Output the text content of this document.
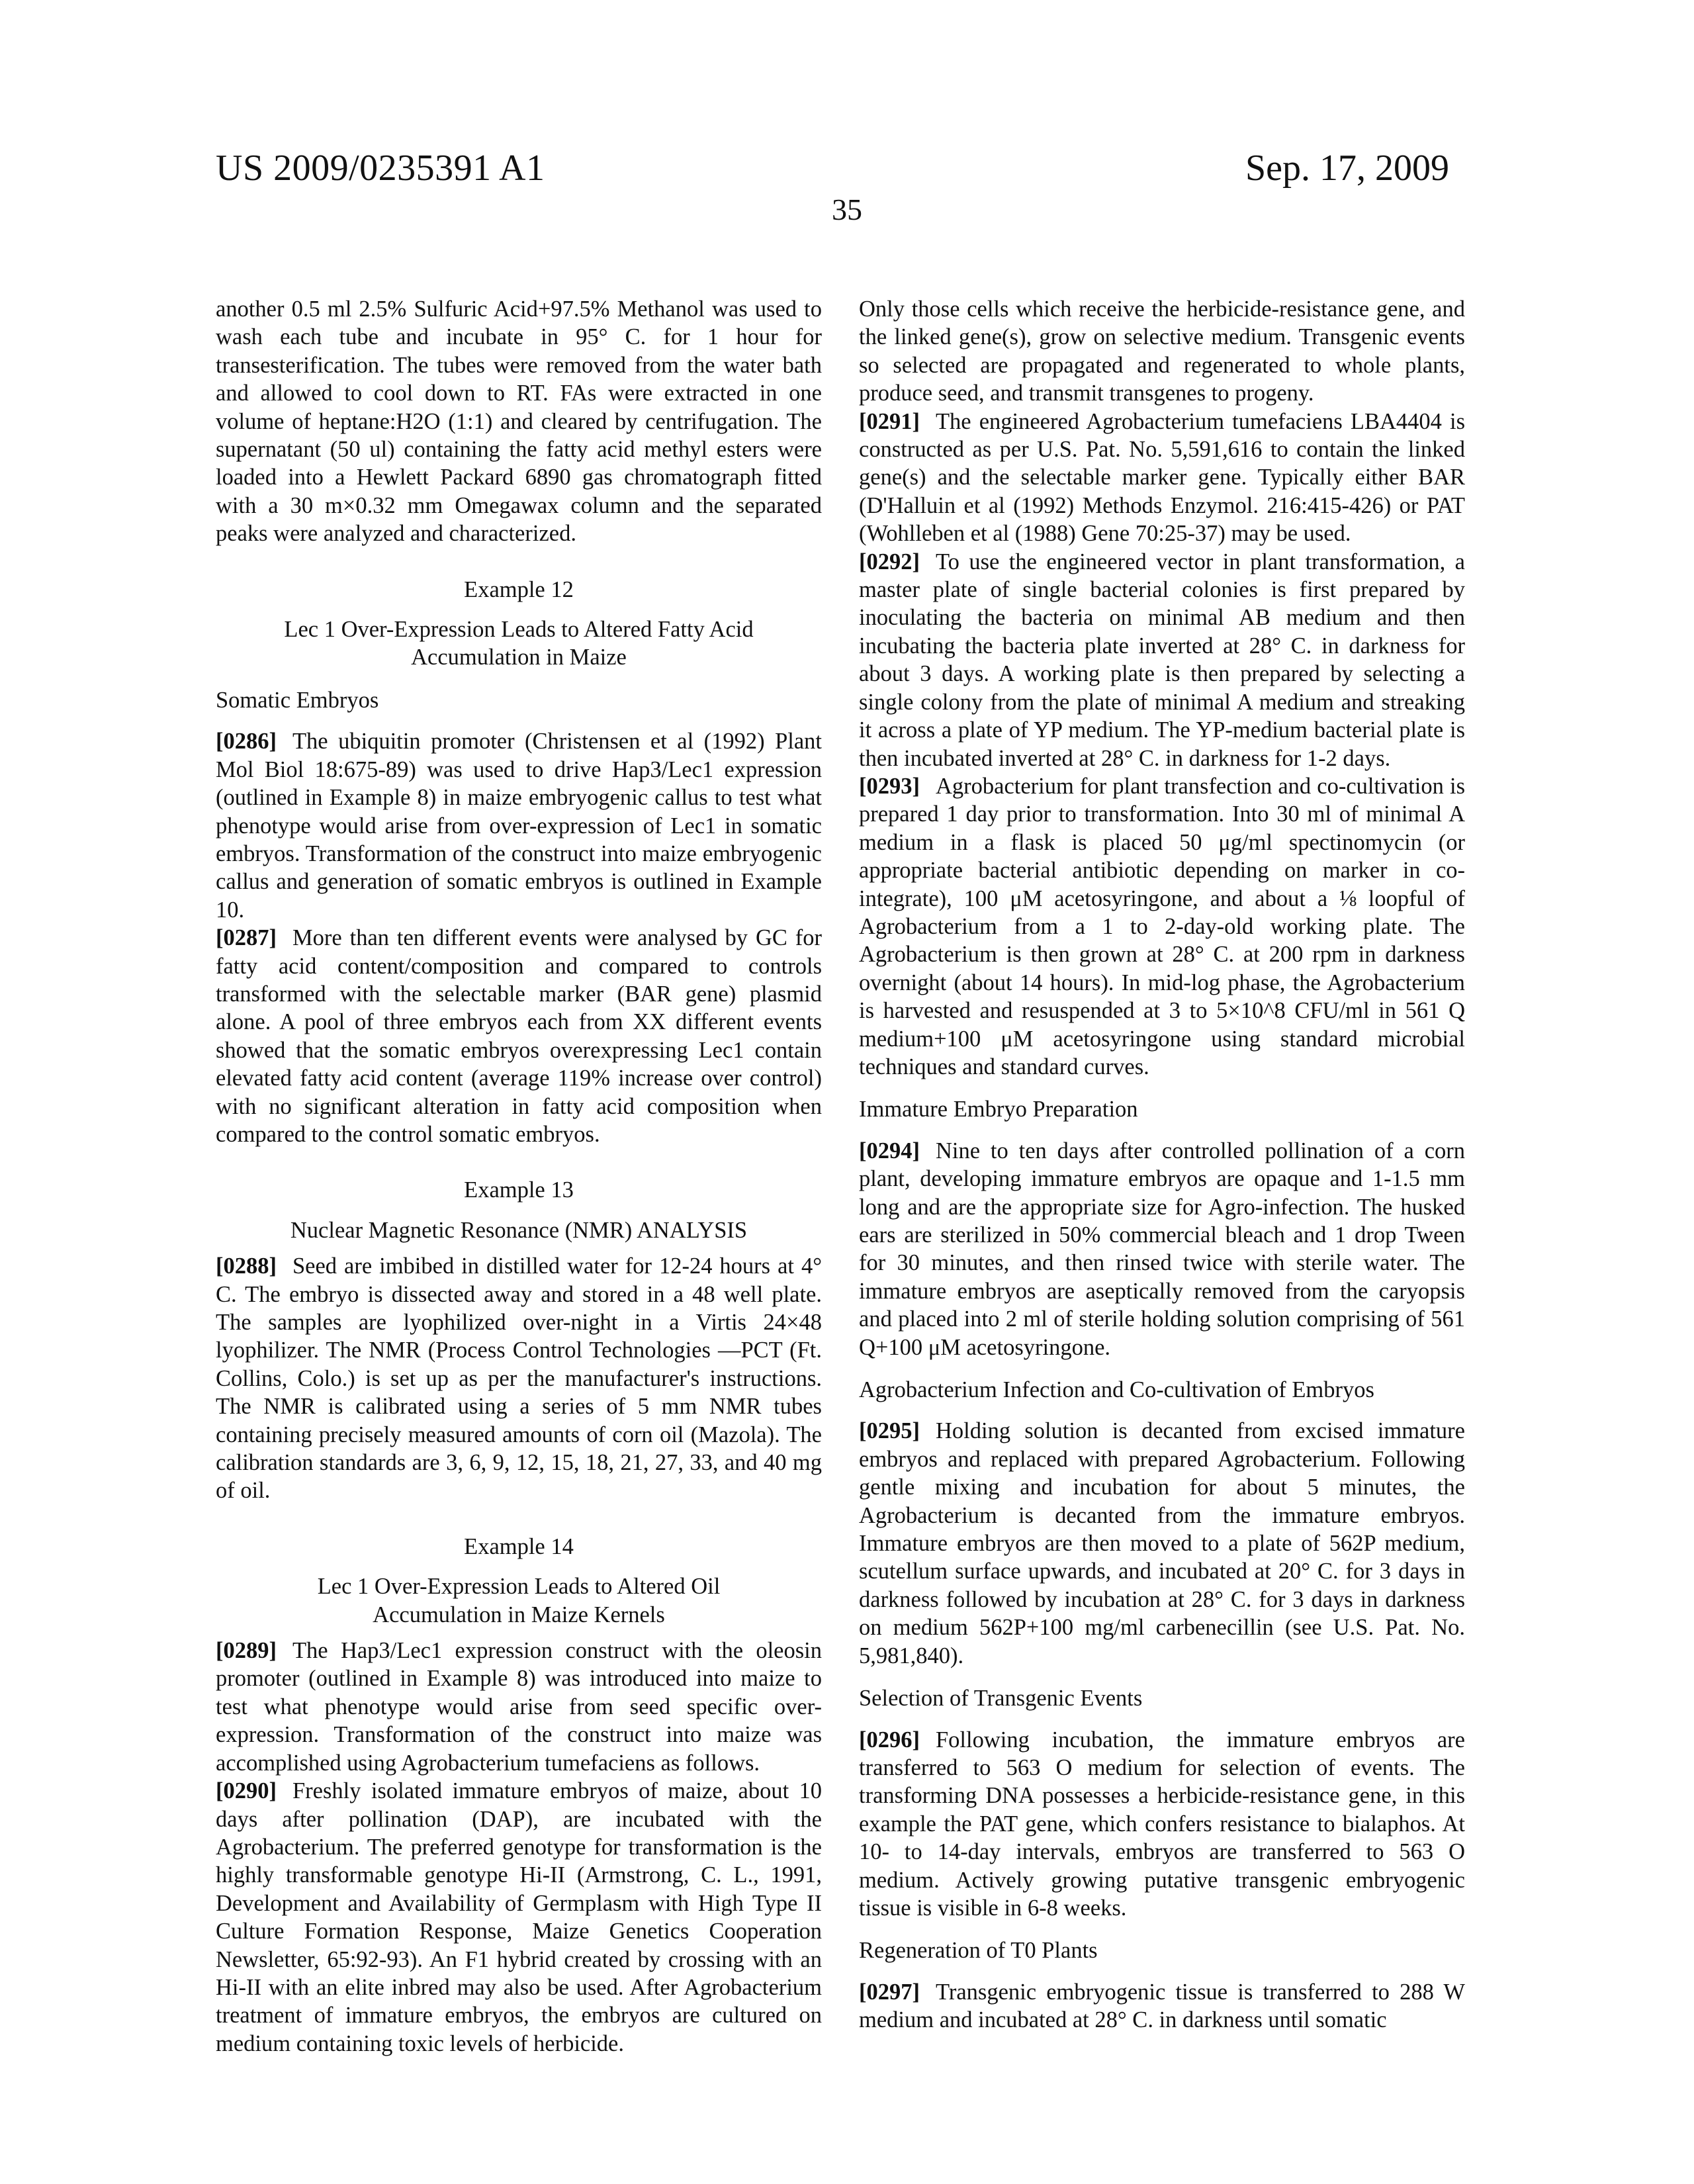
US 2009/0235391 A1	Sep. 17, 2009
35

another 0.5 ml 2.5% Sulfuric Acid+97.5% Methanol was used to wash each tube and incubate in 95° C. for 1 hour for transesterification. The tubes were removed from the water bath and allowed to cool down to RT. FAs were extracted in one volume of heptane:H2O (1:1) and cleared by centrifugation. The supernatant (50 ul) containing the fatty acid methyl esters were loaded into a Hewlett Packard 6890 gas chromatograph fitted with a 30 m×0.32 mm Omegawax column and the separated peaks were analyzed and characterized.

Example 12
Lec 1 Over-Expression Leads to Altered Fatty Acid Accumulation in Maize
Somatic Embryos

[0286] The ubiquitin promoter (Christensen et al (1992) Plant Mol Biol 18:675-89) was used to drive Hap3/Lec1 expression (outlined in Example 8) in maize embryogenic callus to test what phenotype would arise from over-expression of Lec1 in somatic embryos. Transformation of the construct into maize embryogenic callus and generation of somatic embryos is outlined in Example 10.

[0287] More than ten different events were analysed by GC for fatty acid content/composition and compared to controls transformed with the selectable marker (BAR gene) plasmid alone. A pool of three embryos each from XX different events showed that the somatic embryos overexpressing Lec1 contain elevated fatty acid content (average 119% increase over control) with no significant alteration in fatty acid composition when compared to the control somatic embryos.

Example 13
Nuclear Magnetic Resonance (NMR) ANALYSIS

[0288] Seed are imbibed in distilled water for 12-24 hours at 4° C. The embryo is dissected away and stored in a 48 well plate. The samples are lyophilized over-night in a Virtis 24×48 lyophilizer. The NMR (Process Control Technologies —PCT (Ft. Collins, Colo.) is set up as per the manufacturer's instructions. The NMR is calibrated using a series of 5 mm NMR tubes containing precisely measured amounts of corn oil (Mazola). The calibration standards are 3, 6, 9, 12, 15, 18, 21, 27, 33, and 40 mg of oil.

Example 14
Lec 1 Over-Expression Leads to Altered Oil Accumulation in Maize Kernels

[0289] The Hap3/Lec1 expression construct with the oleosin promoter (outlined in Example 8) was introduced into maize to test what phenotype would arise from seed specific over-expression. Transformation of the construct into maize was accomplished using Agrobacterium tumefaciens as follows.

[0290] Freshly isolated immature embryos of maize, about 10 days after pollination (DAP), are incubated with the Agrobacterium. The preferred genotype for transformation is the highly transformable genotype Hi-II (Armstrong, C. L., 1991, Development and Availability of Germplasm with High Type II Culture Formation Response, Maize Genetics Cooperation Newsletter, 65:92-93). An F1 hybrid created by crossing with an Hi-II with an elite inbred may also be used. After Agrobacterium treatment of immature embryos, the embryos are cultured on medium containing toxic levels of herbicide.

Only those cells which receive the herbicide-resistance gene, and the linked gene(s), grow on selective medium. Transgenic events so selected are propagated and regenerated to whole plants, produce seed, and transmit transgenes to progeny.

[0291] The engineered Agrobacterium tumefaciens LBA4404 is constructed as per U.S. Pat. No. 5,591,616 to contain the linked gene(s) and the selectable marker gene. Typically either BAR (D'Halluin et al (1992) Methods Enzymol. 216:415-426) or PAT (Wohlleben et al (1988) Gene 70:25-37) may be used.

[0292] To use the engineered vector in plant transformation, a master plate of single bacterial colonies is first prepared by inoculating the bacteria on minimal AB medium and then incubating the bacteria plate inverted at 28° C. in darkness for about 3 days. A working plate is then prepared by selecting a single colony from the plate of minimal A medium and streaking it across a plate of YP medium. The YP-medium bacterial plate is then incubated inverted at 28° C. in darkness for 1-2 days.

[0293] Agrobacterium for plant transfection and co-cultivation is prepared 1 day prior to transformation. Into 30 ml of minimal A medium in a flask is placed 50 μg/ml spectinomycin (or appropriate bacterial antibiotic depending on marker in co-integrate), 100 μM acetosyringone, and about a ⅛ loopful of Agrobacterium from a 1 to 2-day-old working plate. The Agrobacterium is then grown at 28° C. at 200 rpm in darkness overnight (about 14 hours). In mid-log phase, the Agrobacterium is harvested and resuspended at 3 to 5×10^8 CFU/ml in 561 Q medium+100 μM acetosyringone using standard microbial techniques and standard curves.

Immature Embryo Preparation

[0294] Nine to ten days after controlled pollination of a corn plant, developing immature embryos are opaque and 1-1.5 mm long and are the appropriate size for Agro-infection. The husked ears are sterilized in 50% commercial bleach and 1 drop Tween for 30 minutes, and then rinsed twice with sterile water. The immature embryos are aseptically removed from the caryopsis and placed into 2 ml of sterile holding solution comprising of 561 Q+100 μM acetosyringone.

Agrobacterium Infection and Co-cultivation of Embryos

[0295] Holding solution is decanted from excised immature embryos and replaced with prepared Agrobacterium. Following gentle mixing and incubation for about 5 minutes, the Agrobacterium is decanted from the immature embryos. Immature embryos are then moved to a plate of 562P medium, scutellum surface upwards, and incubated at 20° C. for 3 days in darkness followed by incubation at 28° C. for 3 days in darkness on medium 562P+100 mg/ml carbenecillin (see U.S. Pat. No. 5,981,840).

Selection of Transgenic Events

[0296] Following incubation, the immature embryos are transferred to 563 O medium for selection of events. The transforming DNA possesses a herbicide-resistance gene, in this example the PAT gene, which confers resistance to bialaphos. At 10- to 14-day intervals, embryos are transferred to 563 O medium. Actively growing putative transgenic embryogenic tissue is visible in 6-8 weeks.

Regeneration of T0 Plants

[0297] Transgenic embryogenic tissue is transferred to 288 W medium and incubated at 28° C. in darkness until somatic
